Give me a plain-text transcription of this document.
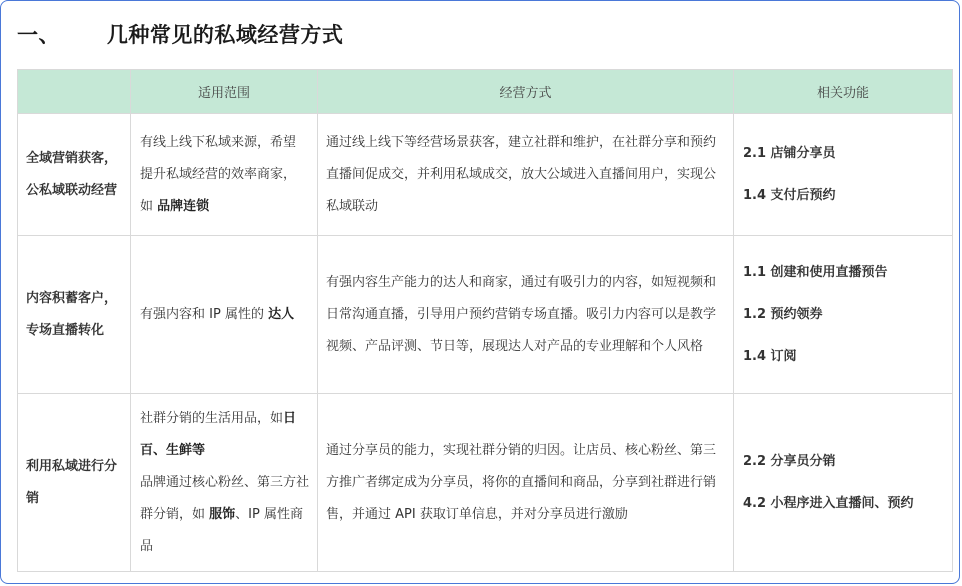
一、 几种常见的私域经营方式
	适用范围	经营方式	相关功能
全域营销获客，公私域联动经营	有线上线下私域来源，希望提升私域经营的效率商家，如 品牌连锁	通过线上线下等经营场景获客，建立社群和维护，在社群分享和预约直播间促成交，并利用私域成交，放大公域进入直播间用户，实现公私域联动	2.1 店铺分享员
1.4 支付后预约

内容积蓄客户，专场直播转化	有强内容和 IP 属性的 达人	有强内容生产能力的达人和商家，通过有吸引力的内容，如短视频和日常沟通直播，引导用户预约营销专场直播。吸引力内容可以是教学视频、产品评测、节日等，展现达人对产品的专业理解和个人风格	1.1 创建和使用直播预告
1.2 预约领券
1.4 订阅

利用私域进行分销	社群分销的生活用品，如日百、生鲜等
品牌通过核心粉丝、第三方社群分销，如 服饰、IP 属性商品	通过分享员的能力，实现社群分销的归因。让店员、核心粉丝、第三方推广者绑定成为分享员，将你的直播间和商品，分享到社群进行销售，并通过 API 获取订单信息，并对分享员进行激励	2.2 分享员分销
4.2 小程序进入直播间、预约
